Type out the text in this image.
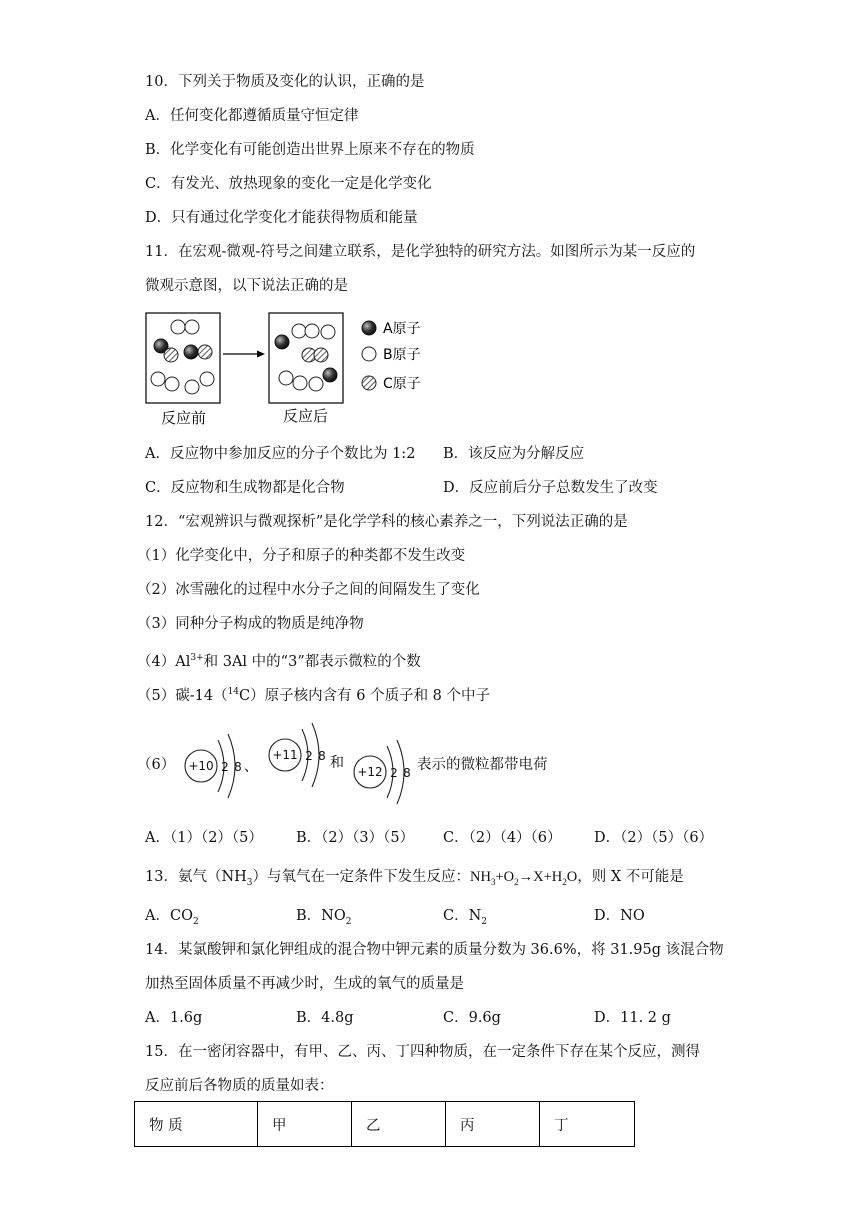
10．下列关于物质及变化的认识，正确的是
A．任何变化都遵循质量守恒定律
B．化学变化有可能创造出世界上原来不存在的物质
C．有发光、放热现象的变化一定是化学变化
D．只有通过化学变化才能获得物质和能量
11．在宏观-微观-符号之间建立联系，是化学独特的研究方法。如图所示为某一反应的
微观示意图，以下说法正确的是
A原子
B原子
C原子
反应前	反应后
A．反应物中参加反应的分子个数比为 1:2 B．该反应为分解反应
C．反应物和生成物都是化合物	D．反应前后分子总数发生了改变
12．“宏观辨识与微观探析”是化学学科的核心素养之一，下列说法正确的是
（1）化学变化中，分子和原子的种类都不发生改变
（2）冰雪融化的过程中水分子之间的间隔发生了变化
（3）同种分子构成的物质是纯净物
$(4)Al^{3+}$和 3Al 中的“3”都表示微粒的个数
（5）碳-14（$^{14}$C）原子核内含有 6 个质子和 8 个中子
（6） +10 2 8
+11 2 8
+12 2 8
、	和	表示的微粒都带电荷
A．（1）（2）（5） B．（2）（3）（5） C．（2）（4）（6） D．（2）（5）（6）
13．氨气$(NH_3)$与氧气在一定条件下发生反应：$NH_3+O_2\to X+H_2O$，则 X 不可能是
A．$CO_2$	B．$NO_2$	C．$N_2$	D．NO
14．某氯酸钾和氯化钾组成的混合物中钾元素的质量分数为 36.6%，将 31.95g 该混合物
加热至固体质量不再减少时，生成的氧气的质量是
A．1.6g	B．4.8g	C．9.6g	D．11. 2 g
15．在一密闭容器中，有甲、乙、丙、丁四种物质，在一定条件下存在某个反应，测得
反应前后各物质的质量如表：
物 质	甲	乙	丙	丁
